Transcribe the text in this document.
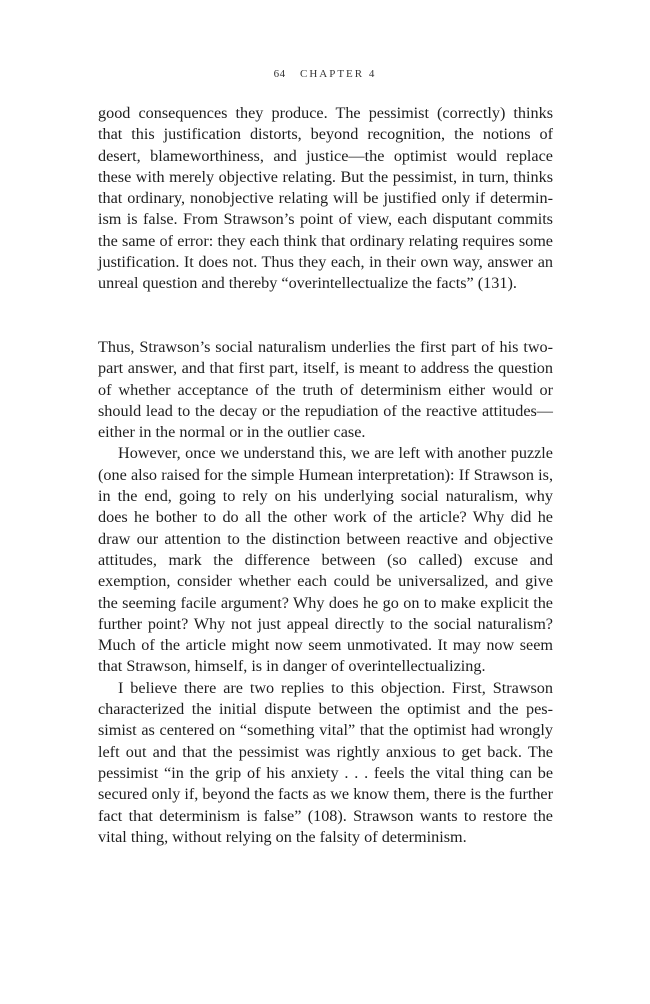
64 CHAPTER 4

good consequences they produce. The pessimist (correctly) thinks that this justification distorts, beyond recognition, the notions of desert, blameworthiness, and justice—the optimist would replace these with merely objective relating. But the pessimist, in turn, thinks that ordinary, nonobjective relating will be justified only if determinism is false. From Strawson’s point of view, each disputant commits the same of error: they each think that ordinary relating requires some justification. It does not. Thus they each, in their own way, answer an unreal question and thereby “overintellectualize the facts” (131).

Thus, Strawson’s social naturalism underlies the first part of his two-part answer, and that first part, itself, is meant to address the question of whether acceptance of the truth of determinism either would or should lead to the decay or the repudiation of the reactive attitudes—either in the normal or in the outlier case.

However, once we understand this, we are left with another puzzle (one also raised for the simple Humean interpretation): If Strawson is, in the end, going to rely on his underlying social naturalism, why does he bother to do all the other work of the article? Why did he draw our attention to the distinction between reactive and objective attitudes, mark the difference between (so called) excuse and exemption, consider whether each could be universalized, and give the seeming facile argument? Why does he go on to make explicit the further point? Why not just appeal directly to the social naturalism? Much of the article might now seem unmotivated. It may now seem that Strawson, himself, is in danger of overintellectualizing.

I believe there are two replies to this objection. First, Strawson characterized the initial dispute between the optimist and the pessimist as centered on “something vital” that the optimist had wrongly left out and that the pessimist was rightly anxious to get back. The pessimist “in the grip of his anxiety . . . feels the vital thing can be secured only if, beyond the facts as we know them, there is the further fact that determinism is false” (108). Strawson wants to restore the vital thing, without relying on the falsity of determinism.
